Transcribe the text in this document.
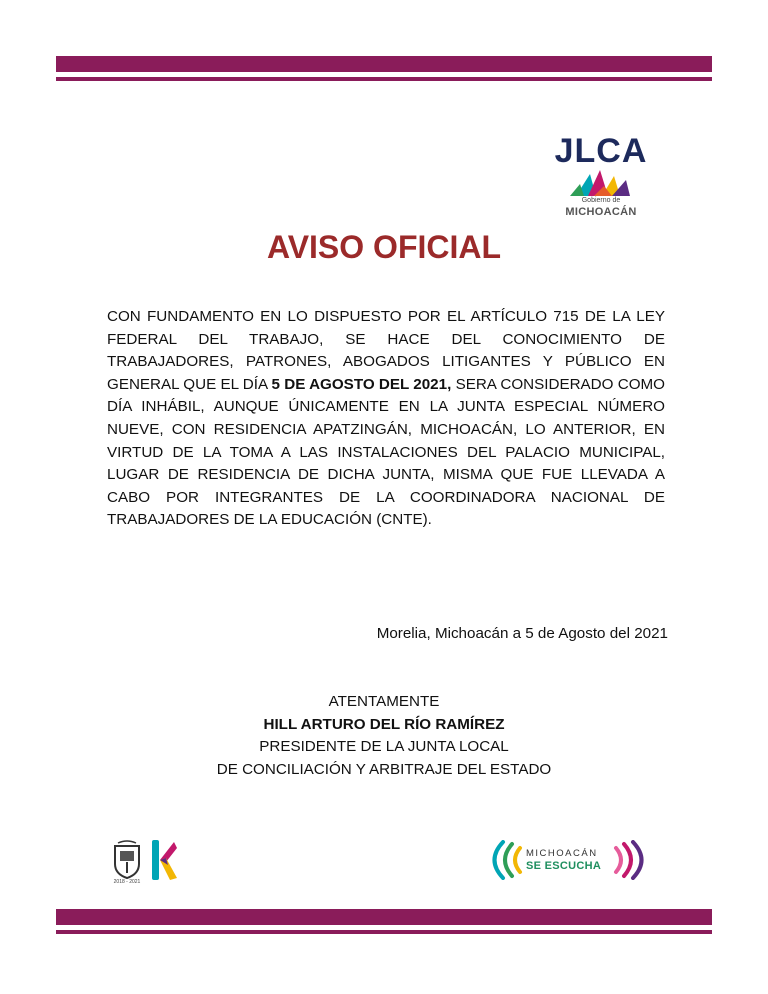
JLCA
Gobierno de
MICHOACÁN
AVISO OFICIAL

CON FUNDAMENTO EN LO DISPUESTO POR EL ARTÍCULO 715 DE LA LEY FEDERAL DEL TRABAJO, SE HACE DEL CONOCIMIENTO DE TRABAJADORES, PATRONES, ABOGADOS LITIGANTES Y PÚBLICO EN GENERAL QUE EL DÍA 5 DE AGOSTO DEL 2021, SERA CONSIDERADO COMO DÍA INHÁBIL, AUNQUE ÚNICAMENTE EN LA JUNTA ESPECIAL NÚMERO NUEVE, CON RESIDENCIA APATZINGÁN, MICHOACÁN, LO ANTERIOR, EN VIRTUD DE LA TOMA A LAS INSTALACIONES DEL PALACIO MUNICIPAL, LUGAR DE RESIDENCIA DE DICHA JUNTA, MISMA QUE FUE LLEVADA A CABO POR INTEGRANTES DE LA COORDINADORA NACIONAL DE TRABAJADORES DE LA EDUCACIÓN (CNTE).

Morelia, Michoacán a 5 de Agosto del 2021
ATENTAMENTE
HILL ARTURO DEL RÍO RAMÍREZ
PRESIDENTE DE LA JUNTA LOCAL
DE CONCILIACIÓN Y ARBITRAJE DEL ESTADO
2018 - 2021
MICHOACÁN
SE ESCUCHA
